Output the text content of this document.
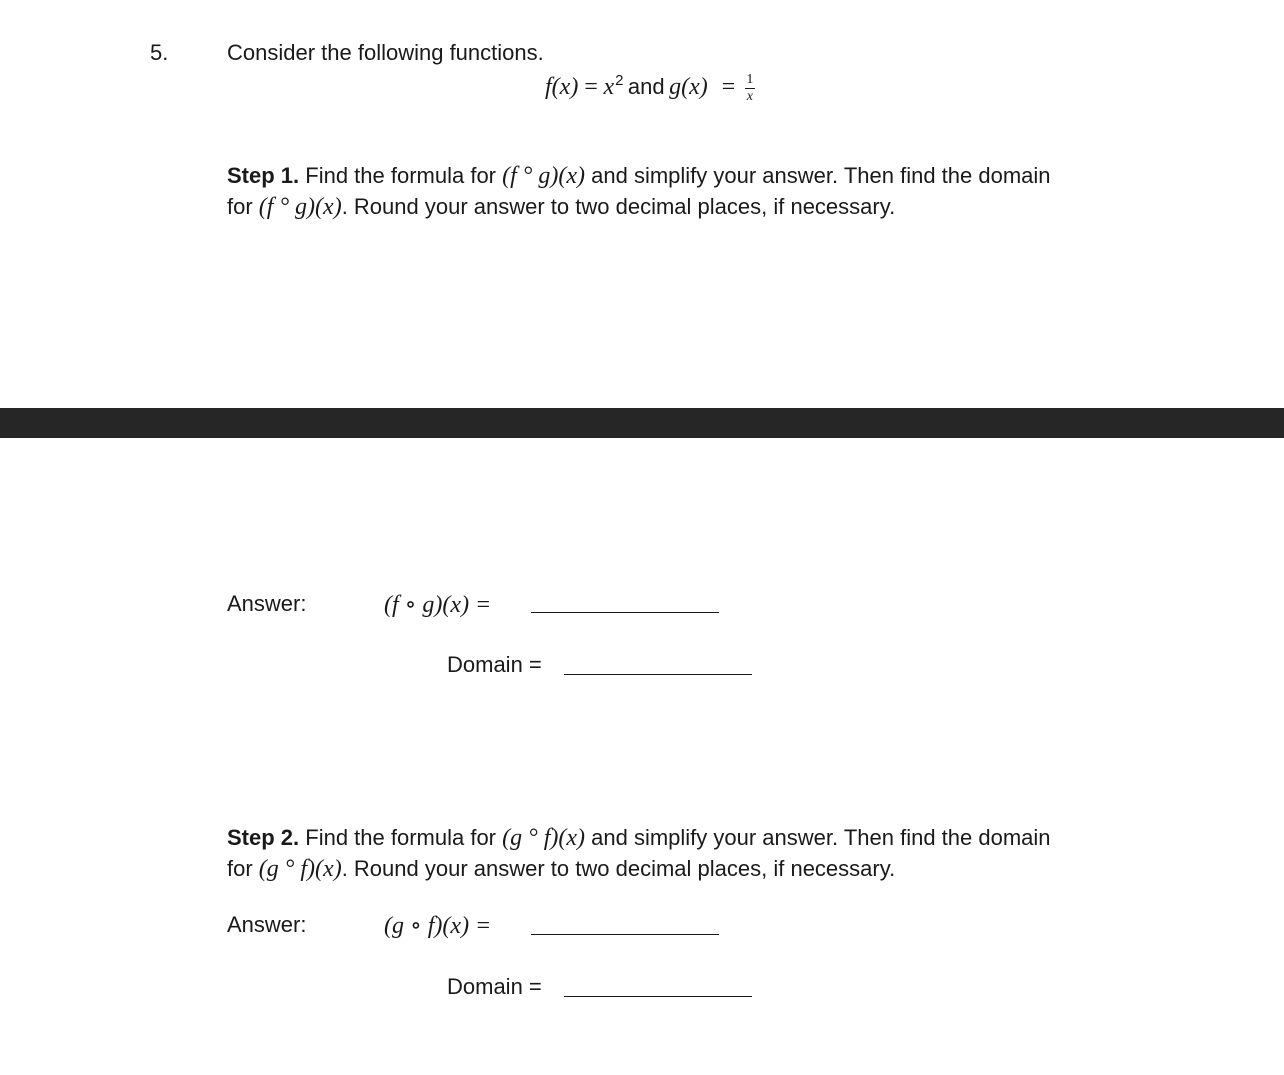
5.	Consider the following functions.
$f(x) = x^2$ and $g(x) = \frac{1}{x}$
Step 1. Find the formula for (f ° g)(x) and simplify your answer. Then find the domain
for (f ° g)(x). Round your answer to two decimal places, if necessary.
Answer:	(f ∘ g)(x) =
Domain =
Step 2. Find the formula for (g ° f)(x) and simplify your answer. Then find the domain
for (g ° f)(x). Round your answer to two decimal places, if necessary.
Answer:	(g ∘ f)(x) =
Domain =
